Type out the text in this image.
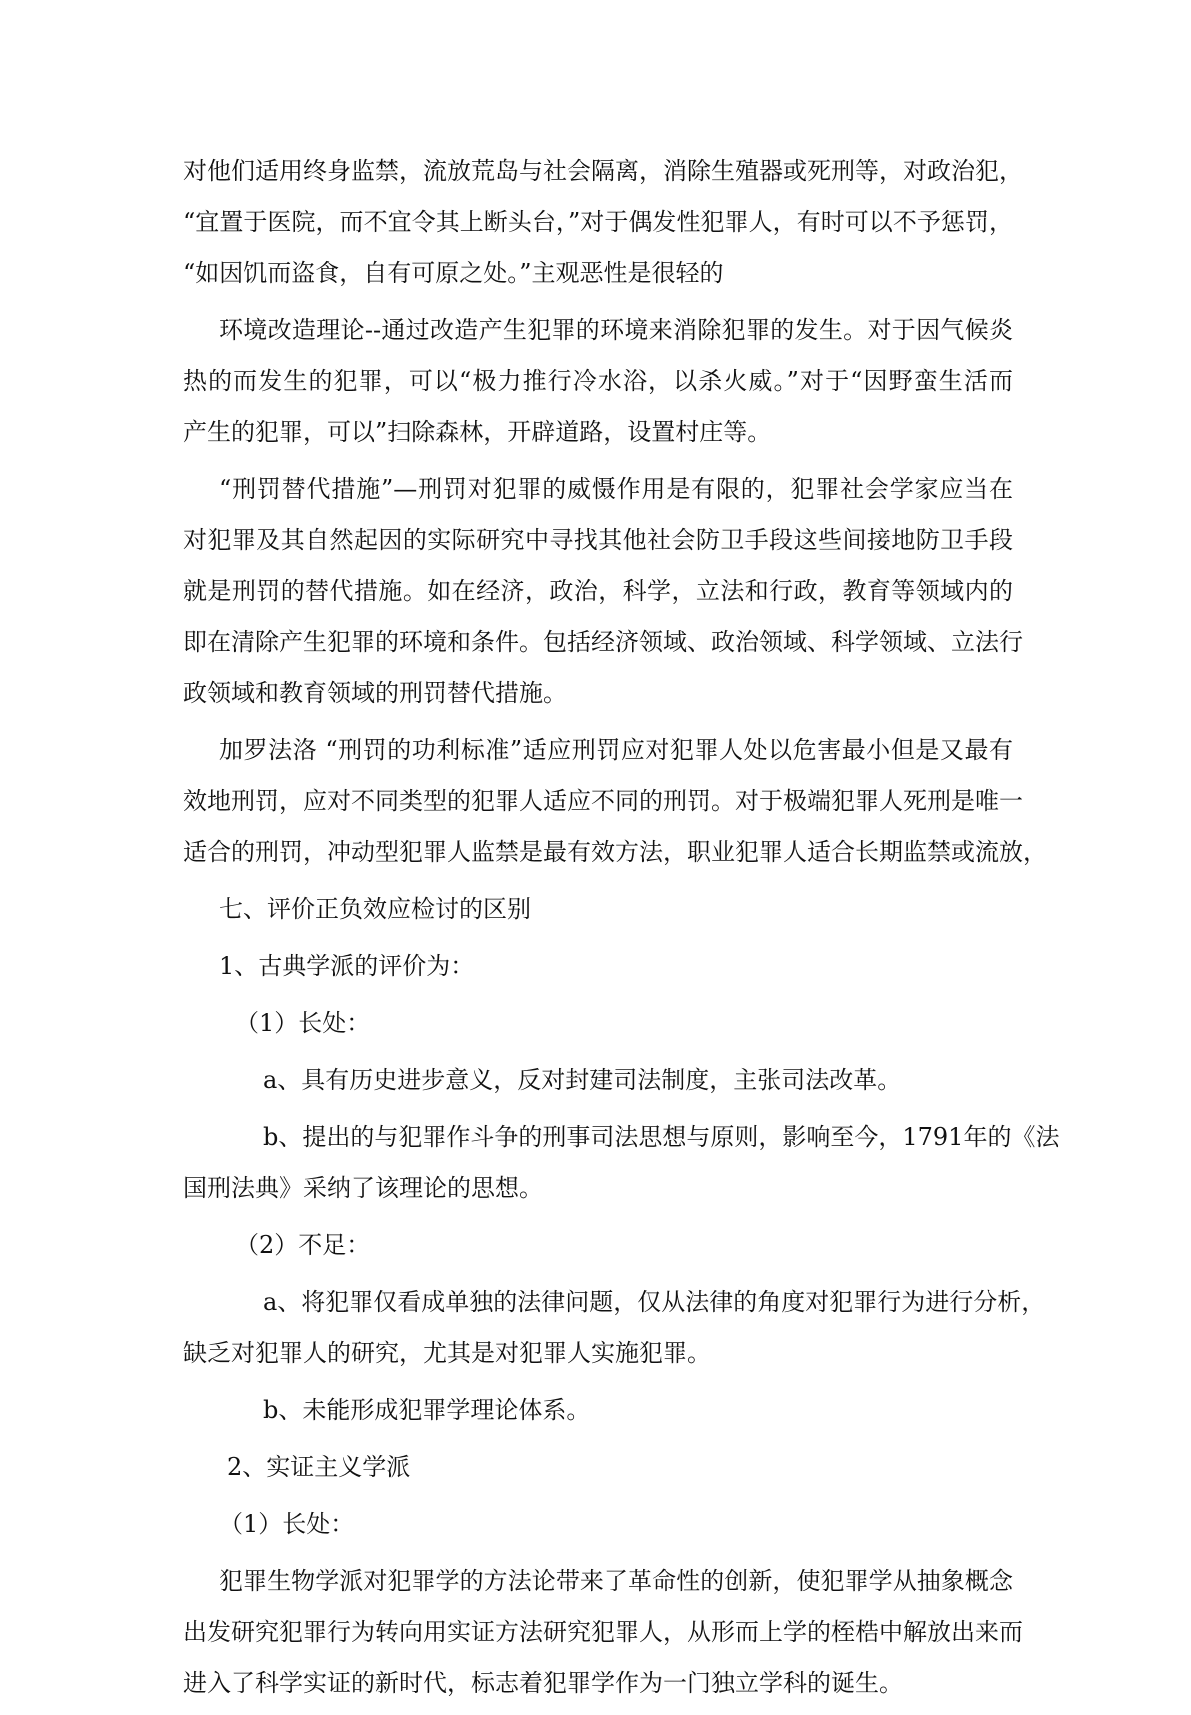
对他们适用终身监禁，流放荒岛与社会隔离，消除生殖器或死刑等，对政治犯，
“宜置于医院，而不宜令其上断头台，”对于偶发性犯罪人，有时可以不予惩罚，
“如因饥而盗食，自有可原之处。”主观恶性是很轻的
环境改造理论--通过改造产生犯罪的环境来消除犯罪的发生。对于因气候炎
热的而发生的犯罪，可以“极力推行冷水浴，以杀火威。”对于“因野蛮生活而
产生的犯罪，可以”扫除森林，开辟道路，设置村庄等。
“刑罚替代措施”—刑罚对犯罪的威慑作用是有限的，犯罪社会学家应当在
对犯罪及其自然起因的实际研究中寻找其他社会防卫手段这些间接地防卫手段
就是刑罚的替代措施。如在经济，政治，科学，立法和行政，教育等领域内的
即在清除产生犯罪的环境和条件。包括经济领域、政治领域、科学领域、立法行
政领域和教育领域的刑罚替代措施。
加罗法洛 “刑罚的功利标准”适应刑罚应对犯罪人处以危害最小但是又最有
效地刑罚，应对不同类型的犯罪人适应不同的刑罚。对于极端犯罪人死刑是唯一
适合的刑罚，冲动型犯罪人监禁是最有效方法，职业犯罪人适合长期监禁或流放，
七、评价正负效应检讨的区别
1、古典学派的评价为：
（1）长处：
a、具有历史进步意义，反对封建司法制度，主张司法改革。
b、提出的与犯罪作斗争的刑事司法思想与原则，影响至今，1791年的《法
国刑法典》采纳了该理论的思想。
（2）不足：
a、将犯罪仅看成单独的法律问题，仅从法律的角度对犯罪行为进行分析，
缺乏对犯罪人的研究，尤其是对犯罪人实施犯罪。
b、未能形成犯罪学理论体系。
2、实证主义学派
（1）长处：
犯罪生物学派对犯罪学的方法论带来了革命性的创新，使犯罪学从抽象概念
出发研究犯罪行为转向用实证方法研究犯罪人，从形而上学的桎梏中解放出来而
进入了科学实证的新时代，标志着犯罪学作为一门独立学科的诞生。
